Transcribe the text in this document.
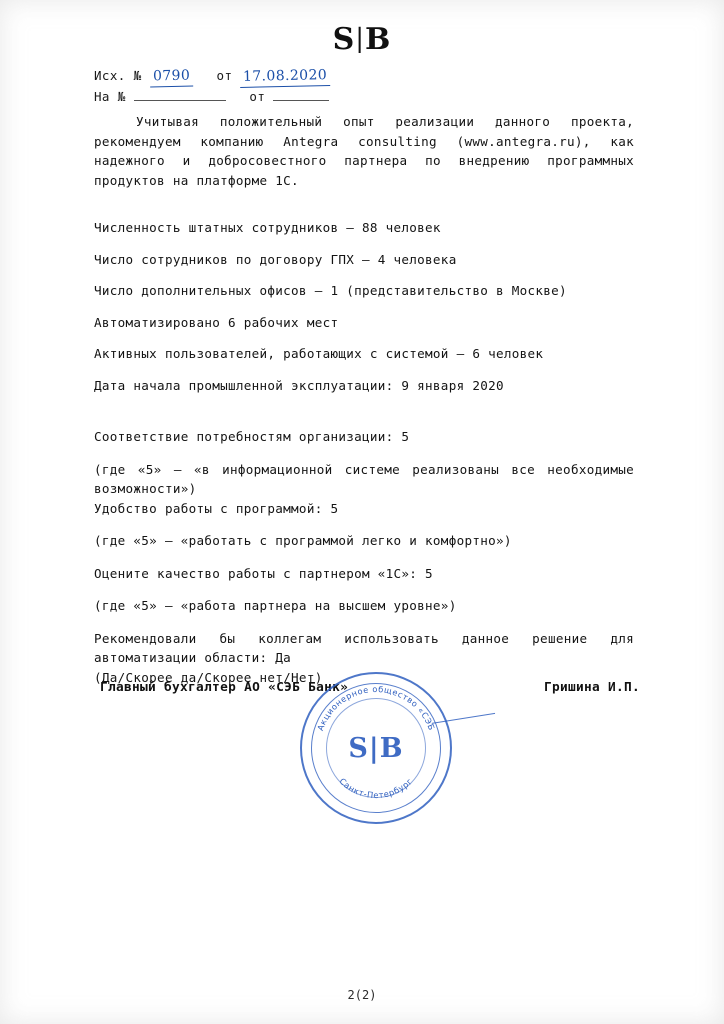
S|B
Исх. № 0790 от 17.08.2020
На №	от

Учитывая положительный опыт реализации данного проекта, рекомендуем компанию Antegra consulting (www.antegra.ru), как надежного и добросовестного партнера по внедрению программных продуктов на платформе 1С.

Численность штатных сотрудников – 88 человек

Число сотрудников по договору ГПХ – 4 человека

Число дополнительных офисов – 1 (представительство в Москве)

Автоматизировано 6 рабочих мест

Активных пользователей, работающих с системой – 6 человек

Дата начала промышленной эксплуатации: 9 января 2020

Соответствие потребностям организации: 5

(где «5» – «в информационной системе реализованы все необходимые возможности»)

Удобство работы с программой: 5

(где «5» – «работать с программой легко и комфортно»)

Оцените качество работы с партнером «1С»: 5

(где «5» – «работа партнера на высшем уровне»)

Рекомендовали бы коллегам использовать данное решение для автоматизации области: Да

(Да/Скорее да/Скорее нет/Нет)

Главный бухгалтер АО «СЭБ Банк»	Гришина И.П.
Акционерное общество «СЭБ
Санкт-Петербург
S|B
2(2)
